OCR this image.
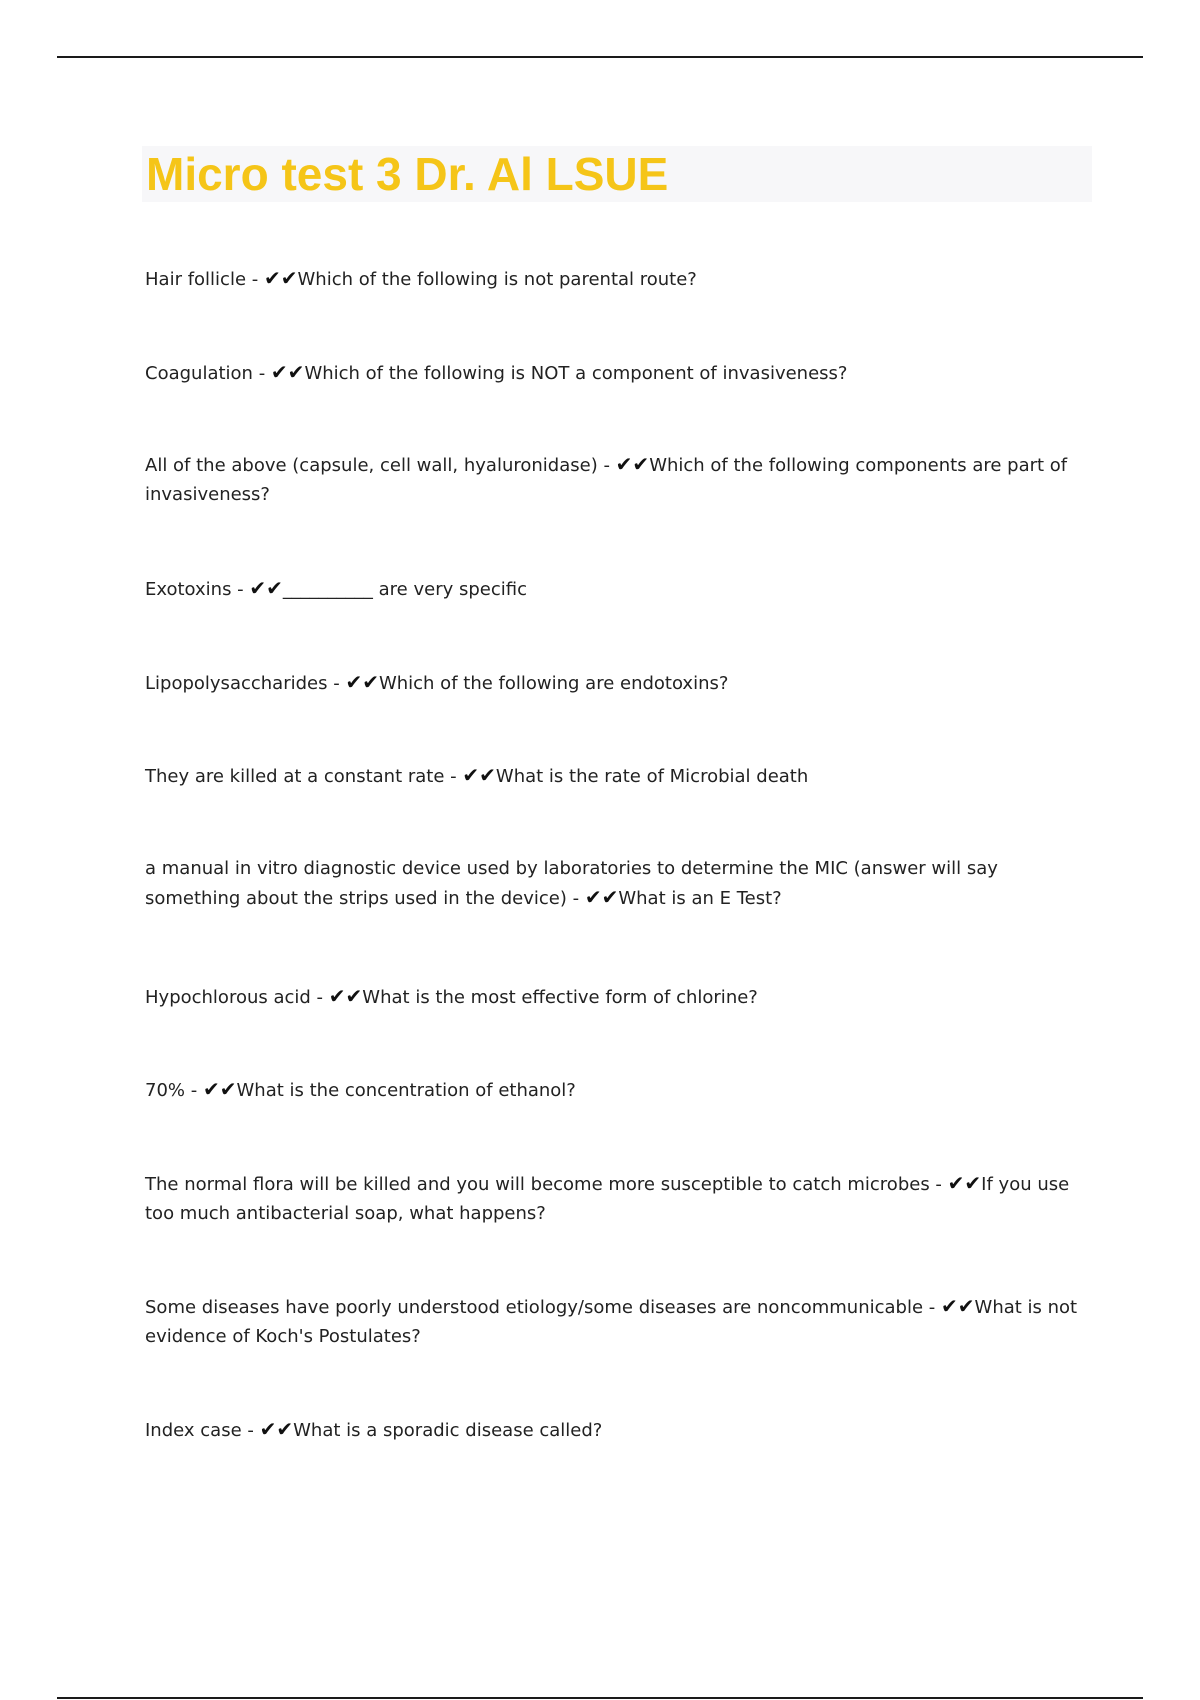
Micro test 3 Dr. Al LSUE

Hair follicle - ✔✔Which of the following is not parental route?

Coagulation - ✔✔Which of the following is NOT a component of invasiveness?

All of the above (capsule, cell wall, hyaluronidase) - ✔✔Which of the following components are part of invasiveness?

Exotoxins - ✔✔__________ are very specific

Lipopolysaccharides - ✔✔Which of the following are endotoxins?

They are killed at a constant rate - ✔✔What is the rate of Microbial death

a manual in vitro diagnostic device used by laboratories to determine the MIC (answer will say something about the strips used in the device) - ✔✔What is an E Test?

Hypochlorous acid - ✔✔What is the most effective form of chlorine?

70% - ✔✔What is the concentration of ethanol?

The normal flora will be killed and you will become more susceptible to catch microbes - ✔✔If you use too much antibacterial soap, what happens?

Some diseases have poorly understood etiology/some diseases are noncommunicable - ✔✔What is not evidence of Koch's Postulates?

Index case - ✔✔What is a sporadic disease called?
